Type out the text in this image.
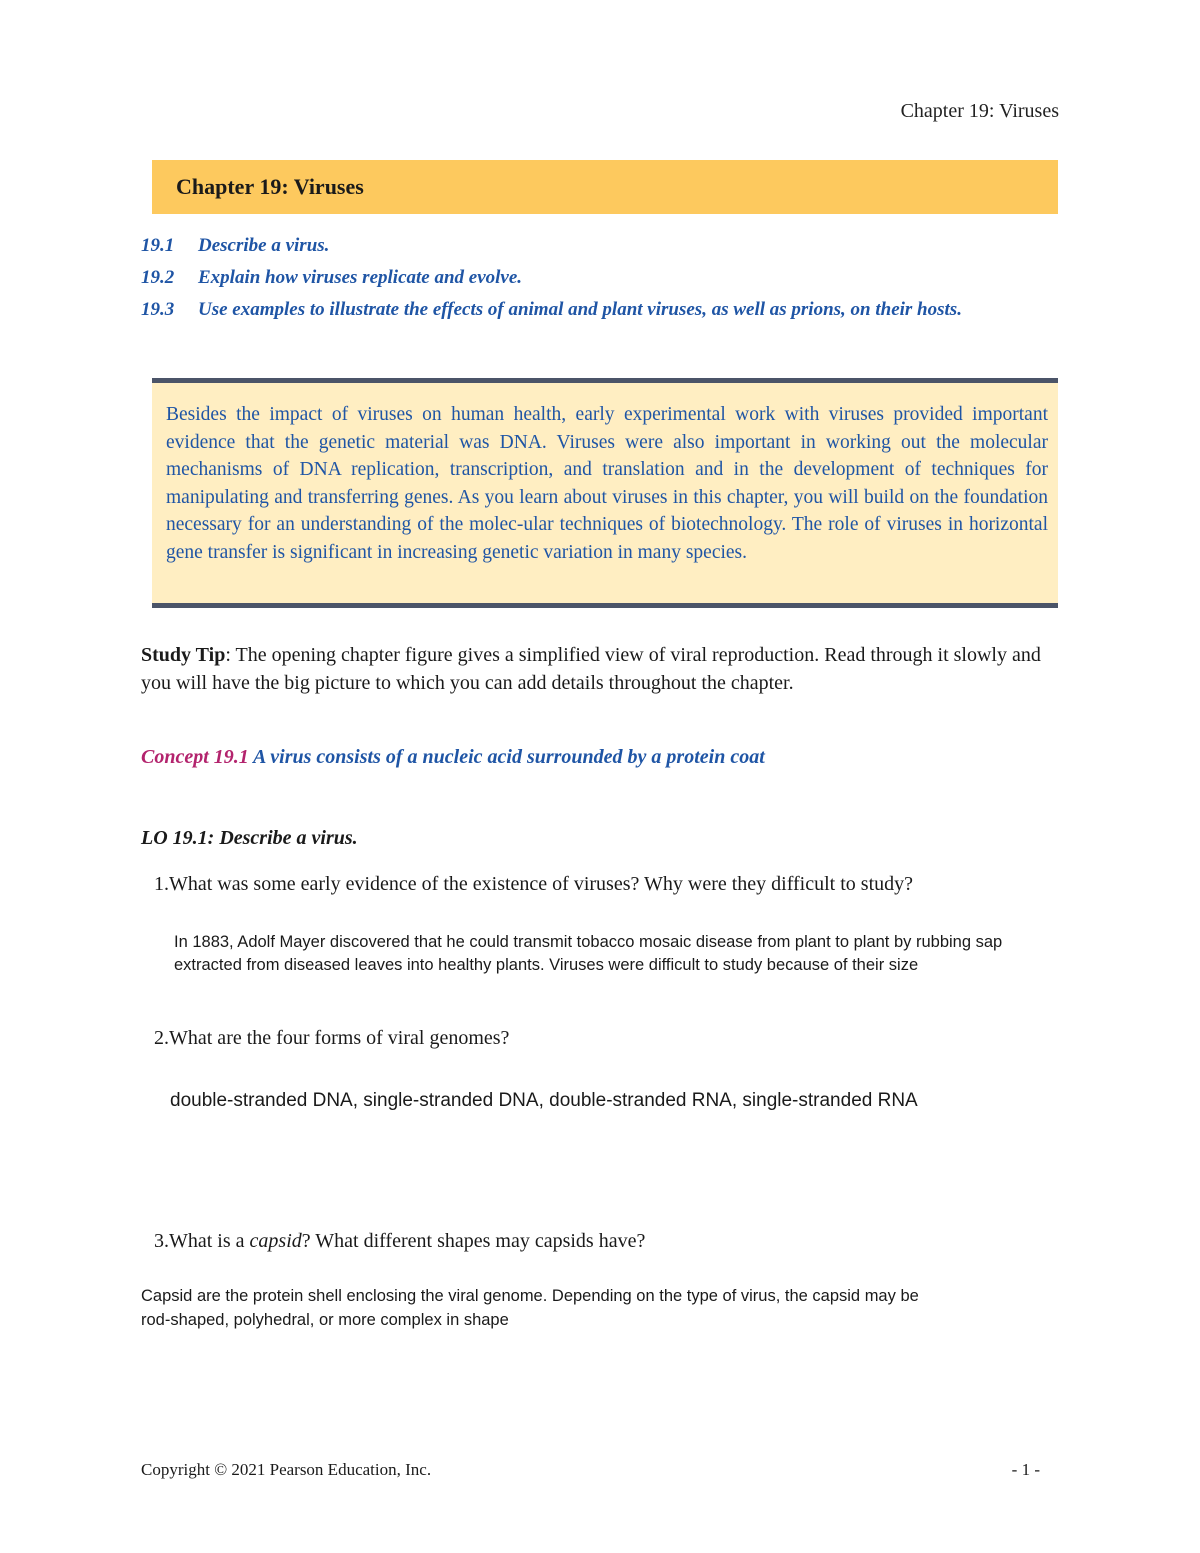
Chapter 19: Viruses
Chapter 19: Viruses
19.1	Describe a virus.
19.2	Explain how viruses replicate and evolve.
19.3	Use examples to illustrate the effects of animal and plant viruses, as well as prions, on their hosts.

Besides the impact of viruses on human health, early experimental work with viruses provided important evidence that the genetic material was DNA. Viruses were also important in working out the molecular mechanisms of DNA replication, transcription, and translation and in the development of techniques for manipulating and transferring genes. As you learn about viruses in this chapter, you will build on the foundation necessary for an understanding of the molec-ular techniques of biotechnology. The role of viruses in horizontal gene transfer is significant in increasing genetic variation in many species.

Study Tip: The opening chapter figure gives a simplified view of viral reproduction. Read through it slowly and you will have the big picture to which you can add details throughout the chapter.

Concept 19.1 A virus consists of a nucleic acid surrounded by a protein coat

LO 19.1: Describe a virus.

1. What was some early evidence of the existence of viruses? Why were they difficult to study?

In 1883, Adolf Mayer discovered that he could transmit tobacco mosaic disease from plant to plant by rubbing sap extracted from diseased leaves into healthy plants. Viruses were difficult to study because of their size

2. What are the four forms of viral genomes?

double-stranded DNA, single-stranded DNA, double-stranded RNA, single-stranded RNA

3. What is a capsid? What different shapes may capsids have?

Capsid are the protein shell enclosing the viral genome. Depending on the type of virus, the capsid may be rod-shaped, polyhedral, or more complex in shape

Copyright © 2021 Pearson Education, Inc.	- 1 -
